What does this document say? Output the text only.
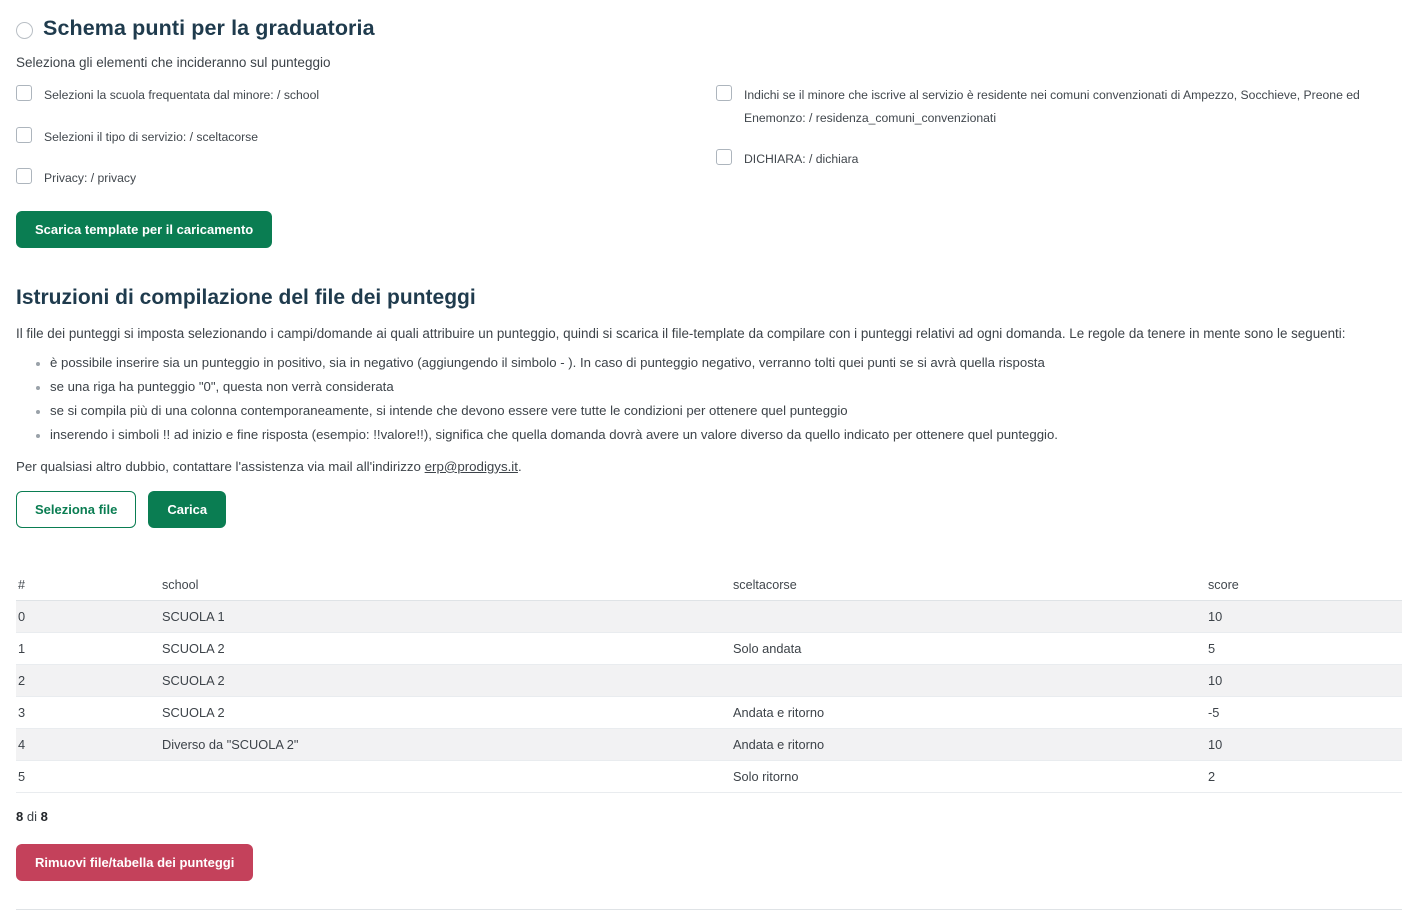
Schema punti per la graduatoria
Seleziona gli elementi che incideranno sul punteggio
Selezioni la scuola frequentata dal minore: / school
Selezioni il tipo di servizio: / sceltacorse
Privacy: / privacy
Indichi se il minore che iscrive al servizio è residente nei comuni convenzionati di Ampezzo, Socchieve, Preone ed Enemonzo: / residenza_comuni_convenzionati
DICHIARA: / dichiara
Scarica template per il caricamento
Istruzioni di compilazione del file dei punteggi
Il file dei punteggi si imposta selezionando i campi/domande ai quali attribuire un punteggio, quindi si scarica il file-template da compilare con i punteggi relativi ad ogni domanda. Le regole da tenere in mente sono le seguenti:
è possibile inserire sia un punteggio in positivo, sia in negativo (aggiungendo il simbolo - ). In caso di punteggio negativo, verranno tolti quei punti se si avrà quella risposta
se una riga ha punteggio "0", questa non verrà considerata
se si compila più di una colonna contemporaneamente, si intende che devono essere vere tutte le condizioni per ottenere quel punteggio
inserendo i simboli !! ad inizio e fine risposta (esempio: !!valore!!), significa che quella domanda dovrà avere un valore diverso da quello indicato per ottenere quel punteggio.
Per qualsiasi altro dubbio, contattare l'assistenza via mail all'indirizzo erp@prodigys.it.
Seleziona file	Carica
#	school	sceltacorse	score
0	SCUOLA 1		10
1	SCUOLA 2	Solo andata	5
2	SCUOLA 2		10
3	SCUOLA 2	Andata e ritorno	-5
4	Diverso da "SCUOLA 2"	Andata e ritorno	10
5		Solo ritorno	2
8 di 8
Rimuovi file/tabella dei punteggi
